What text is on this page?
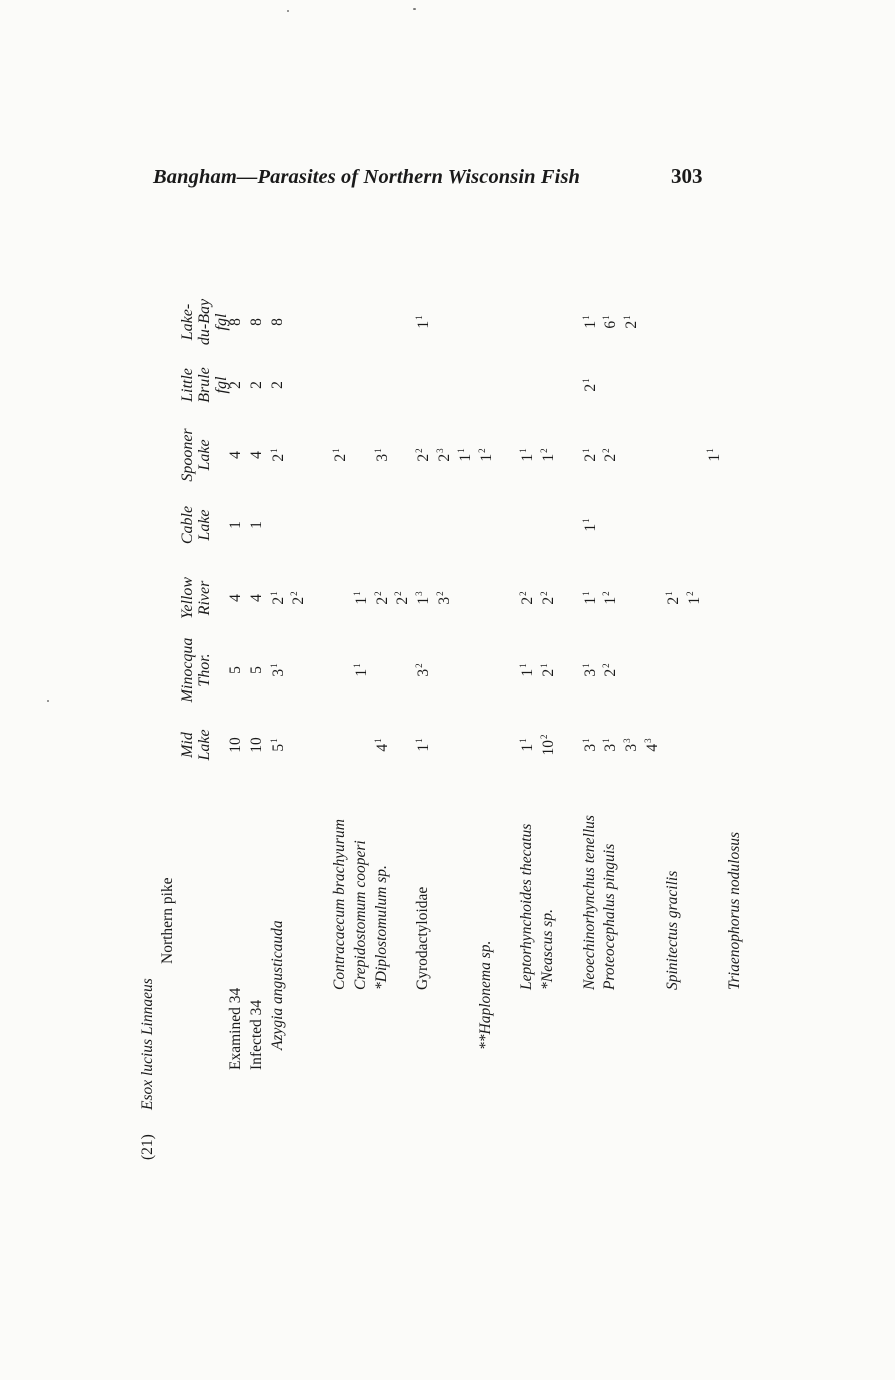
Bangham—Parasites of Northern Wisconsin Fish	303
(21)
Esox lucius Linnaeus
Northern pike
Mid Lake
Minocqua Thor.
Yellow River
Cable Lake
Spooner Lake
Little Brule fgl
Lake- du-Bay fgl
Examined 34
10
5
4
1
4
2
8
Infected 34
10
5
4
1
4
2
8
Azygia angusticauda
$5^1$
$3^1$
$2^1$
$2^1$
2
8
$2^2$
Contracaecum brachyurum
$2^1$
Crepidostomum cooperi
$1^1$
$1^1$
*Diplostomulum sp.
$4^1$
$2^2$
$3^1$
$2^2$
Gyrodactyloidae
$1^1$
$3^2$
$1^3$
$2^2$
$1^1$
$3^2$
$2^3$
$1^1$
**Haplonema sp.
$1^2$
Leptorhynchoides thecatus
$1^1$
$1^1$
$2^2$
$1^1$
*Neascus sp.
$10^2$
$2^1$
$2^2$
$1^2$
Neoechinorhynchus tenellus
$3^1$
$3^1$
$1^1$
$1^1$
$2^1$
$2^1$
$1^1$
Proteocephalus pinguis
$3^1$
$2^2$
$1^2$
$2^2$
$6^1$
$3^3$
$2^1$
$4^3$
Spinitectus gracilis
$2^1$
$1^2$
$1^1$
Triaenophorus nodulosus
